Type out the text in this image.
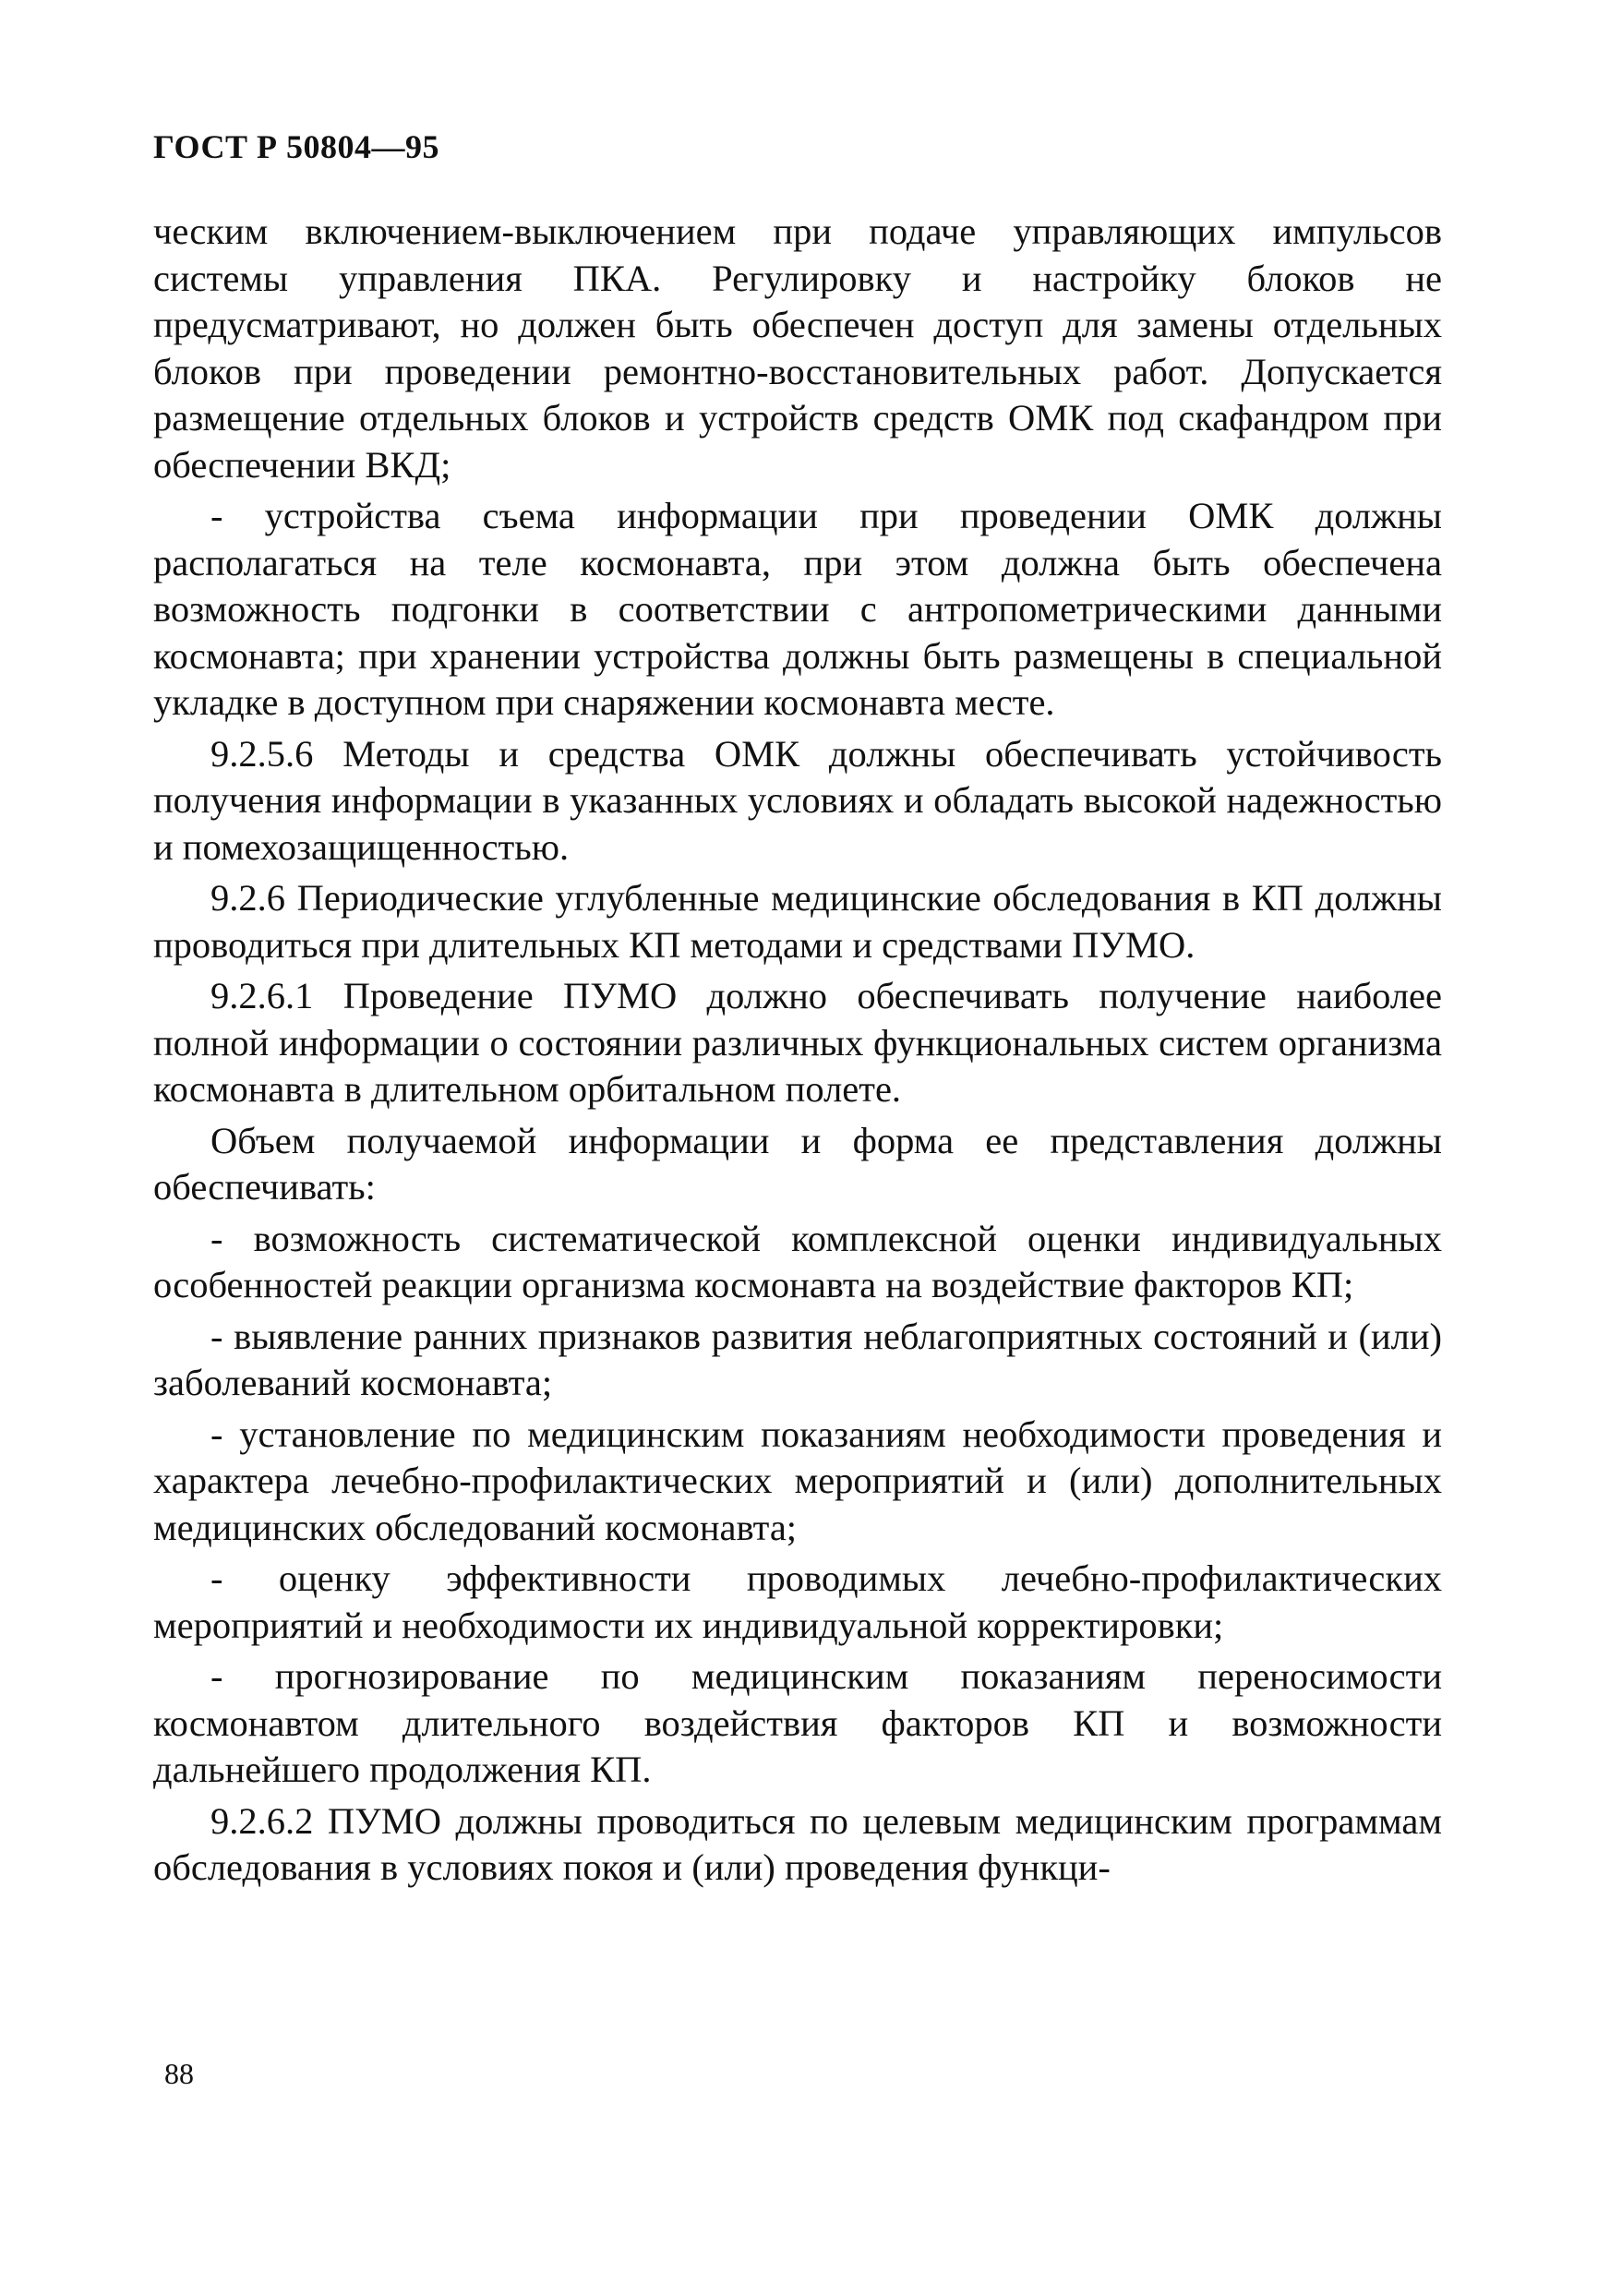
ГОСТ Р 50804—95

ческим включением-выключением при подаче управляющих импульсов системы управления ПКА. Регулировку и настройку блоков не предусматривают, но должен быть обеспечен доступ для замены отдельных блоков при проведении ремонтно-восстановительных работ. Допускается размещение отдельных блоков и устройств средств ОМК под скафандром при обеспечении ВКД;

- устройства съема информации при проведении ОМК должны располагаться на теле космонавта, при этом должна быть обеспечена возможность подгонки в соответствии с антропометрическими данными космонавта; при хранении устройства должны быть размещены в специальной укладке в доступном при снаряжении космонавта месте.

9.2.5.6 Методы и средства ОМК должны обеспечивать устойчивость получения информации в указанных условиях и обладать высокой надежностью и помехозащищенностью.

9.2.6 Периодические углубленные медицинские обследования в КП должны проводиться при длительных КП методами и средствами ПУМО.

9.2.6.1 Проведение ПУМО должно обеспечивать получение наиболее полной информации о состоянии различных функциональных систем организма космонавта в длительном орбитальном полете.

Объем получаемой информации и форма ее представления должны обеспечивать:

- возможность систематической комплексной оценки индивидуальных особенностей реакции организма космонавта на воздействие факторов КП;

- выявление ранних признаков развития неблагоприятных состояний и (или) заболеваний космонавта;

- установление по медицинским показаниям необходимости проведения и характера лечебно-профилактических мероприятий и (или) дополнительных медицинских обследований космонавта;

- оценку эффективности проводимых лечебно-профилактических мероприятий и необходимости их индивидуальной корректировки;

- прогнозирование по медицинским показаниям переносимости космонавтом длительного воздействия факторов КП и возможности дальнейшего продолжения КП.

9.2.6.2 ПУМО должны проводиться по целевым медицинским программам обследования в условиях покоя и (или) проведения функци-

88
